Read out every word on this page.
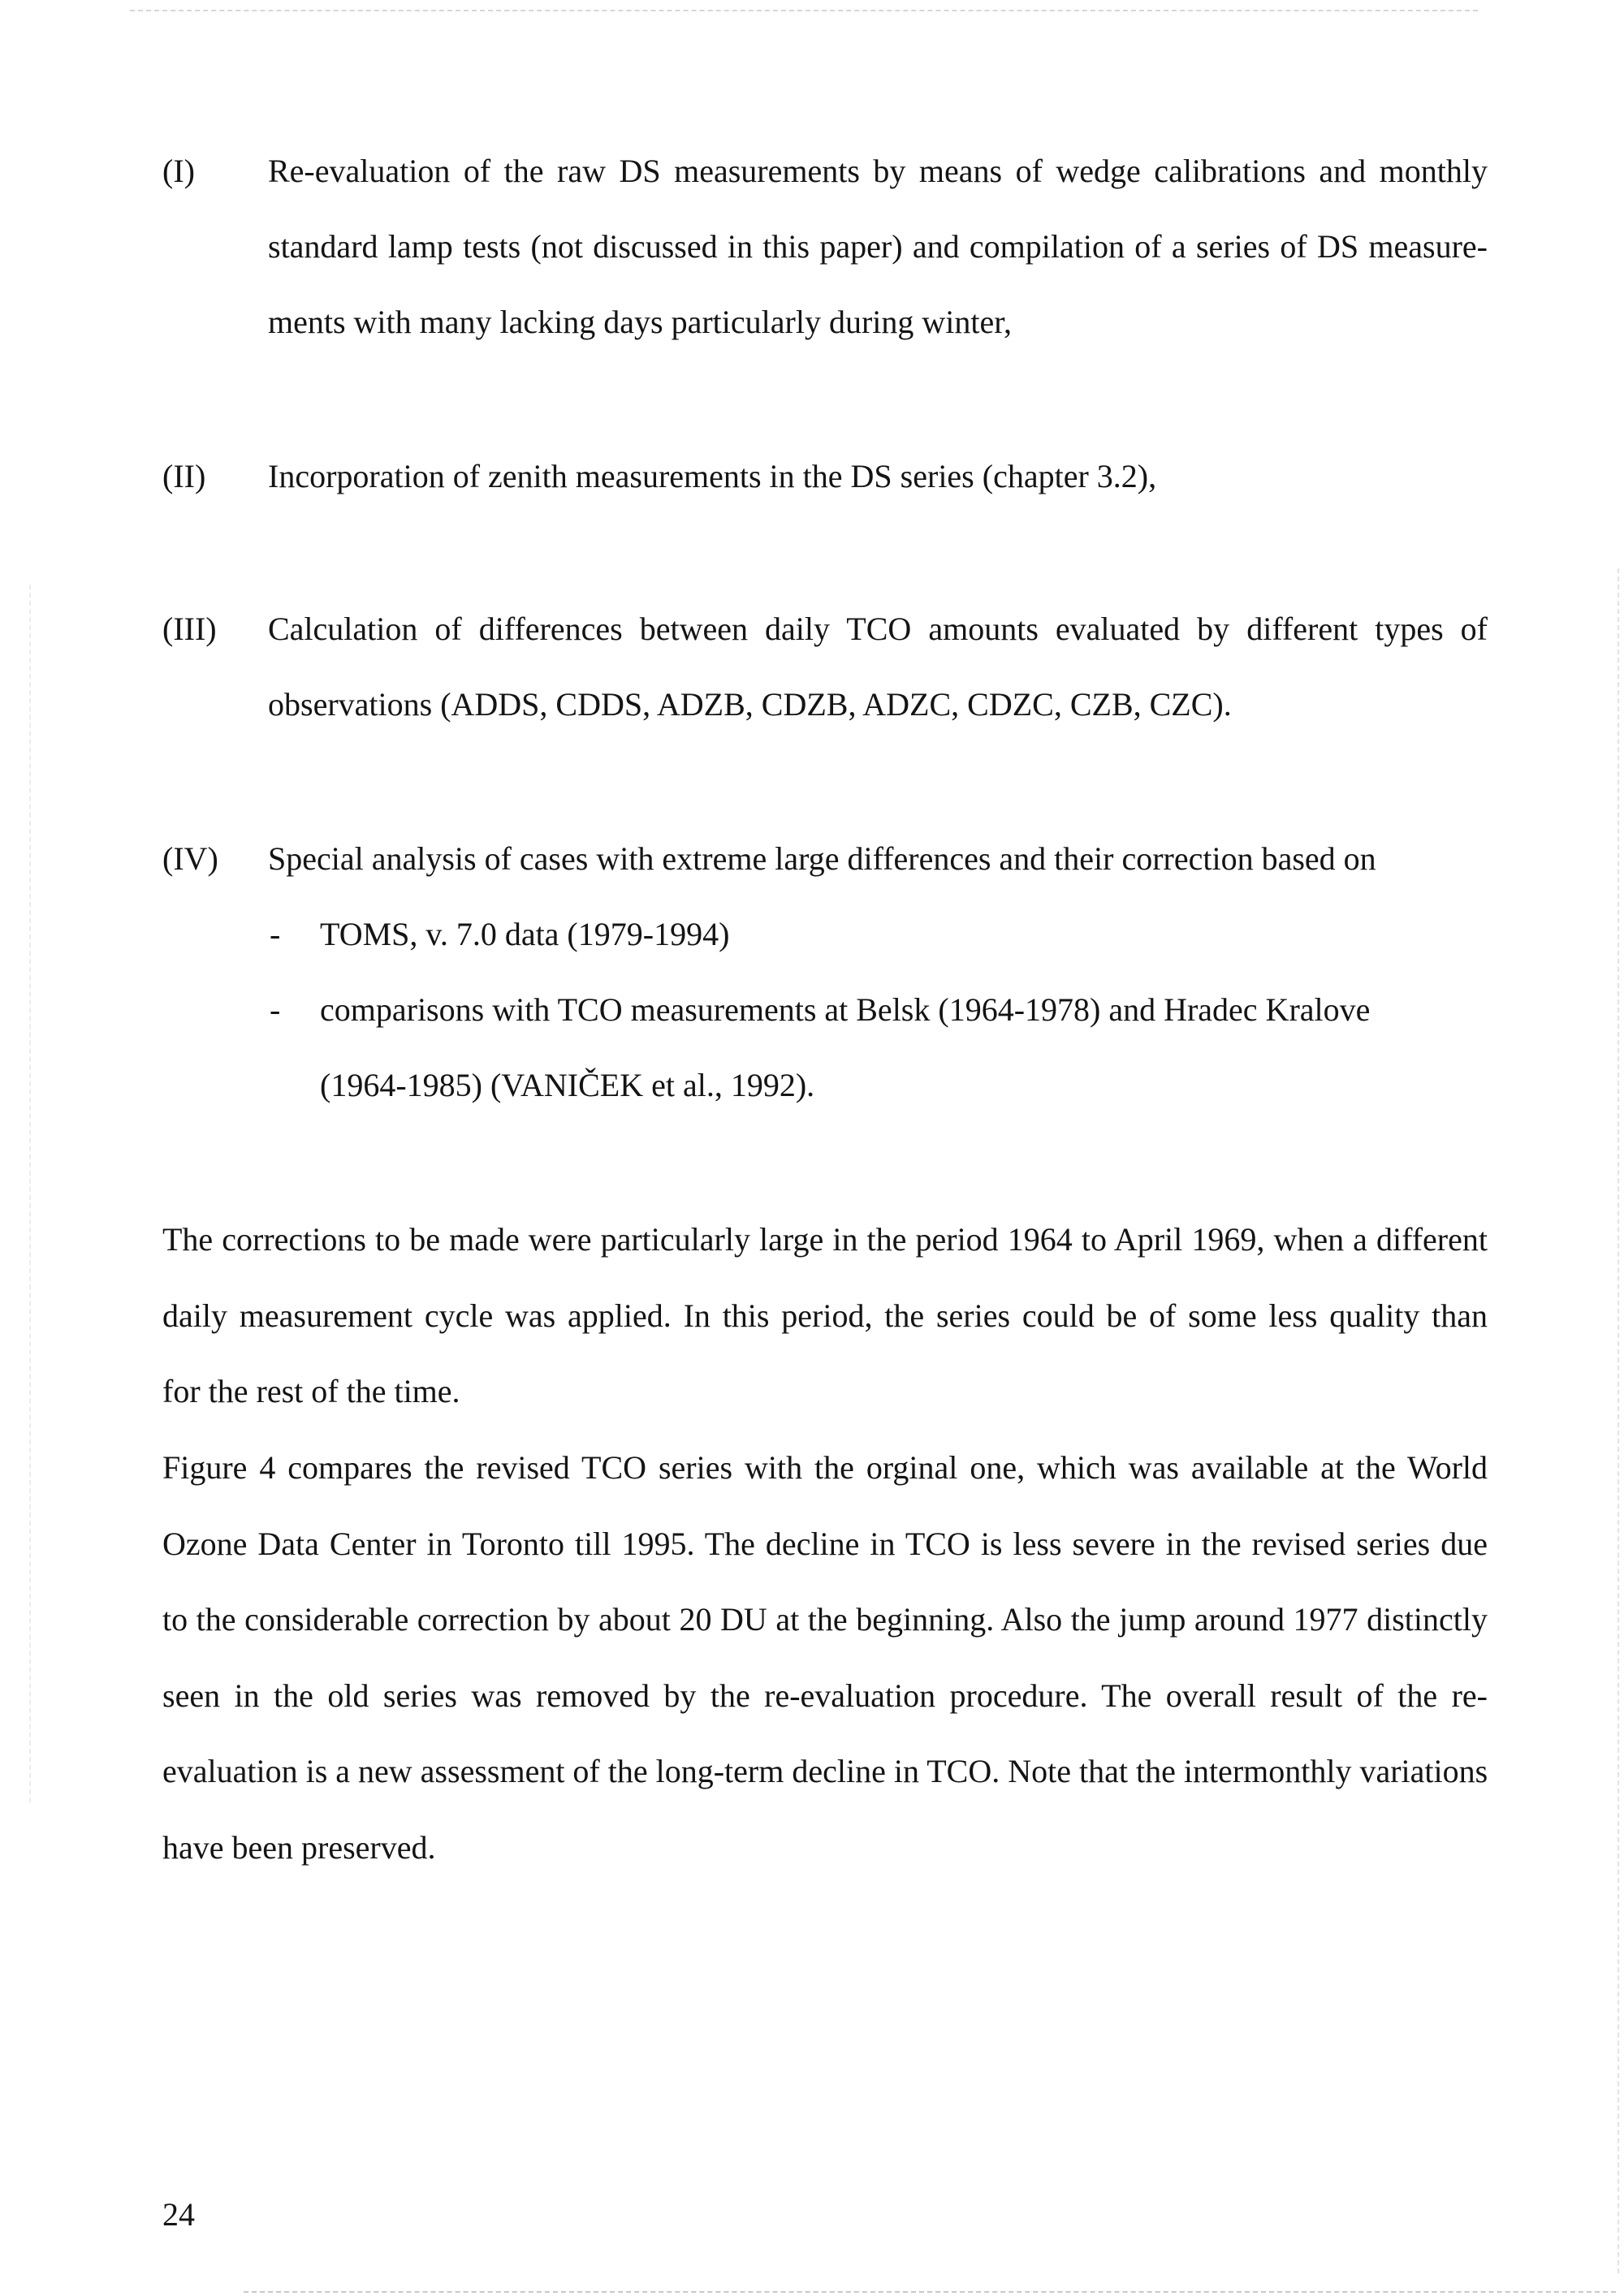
(I) Re-evaluation of the raw DS measurements by means of wedge calibrations and monthly
standard lamp tests (not discussed in this paper) and compilation of a series of DS measure-
ments with many lacking days particularly during winter,
(II) Incorporation of zenith measurements in the DS series (chapter 3.2),
(III) Calculation of differences between daily TCO amounts evaluated by different types of
observations (ADDS, CDDS, ADZB, CDZB, ADZC, CDZC, CZB, CZC).
(IV) Special analysis of cases with extreme large differences and their correction based on
- TOMS, v. 7.0 data (1979-1994)
- comparisons with TCO measurements at Belsk (1964-1978) and Hradec Kralove
(1964-1985) (VANIČEK et al., 1992).
The corrections to be made were particularly large in the period 1964 to April 1969, when a different
daily measurement cycle was applied. In this period, the series could be of some less quality than
for the rest of the time.
Figure 4 compares the revised TCO series with the orginal one, which was available at the World
Ozone Data Center in Toronto till 1995. The decline in TCO is less severe in the revised series due
to the considerable correction by about 20 DU at the beginning. Also the jump around 1977 distinctly
seen in the old series was removed by the re-evaluation procedure. The overall result of the re-
evaluation is a new assessment of the long-term decline in TCO. Note that the intermonthly variations
have been preserved.
24
